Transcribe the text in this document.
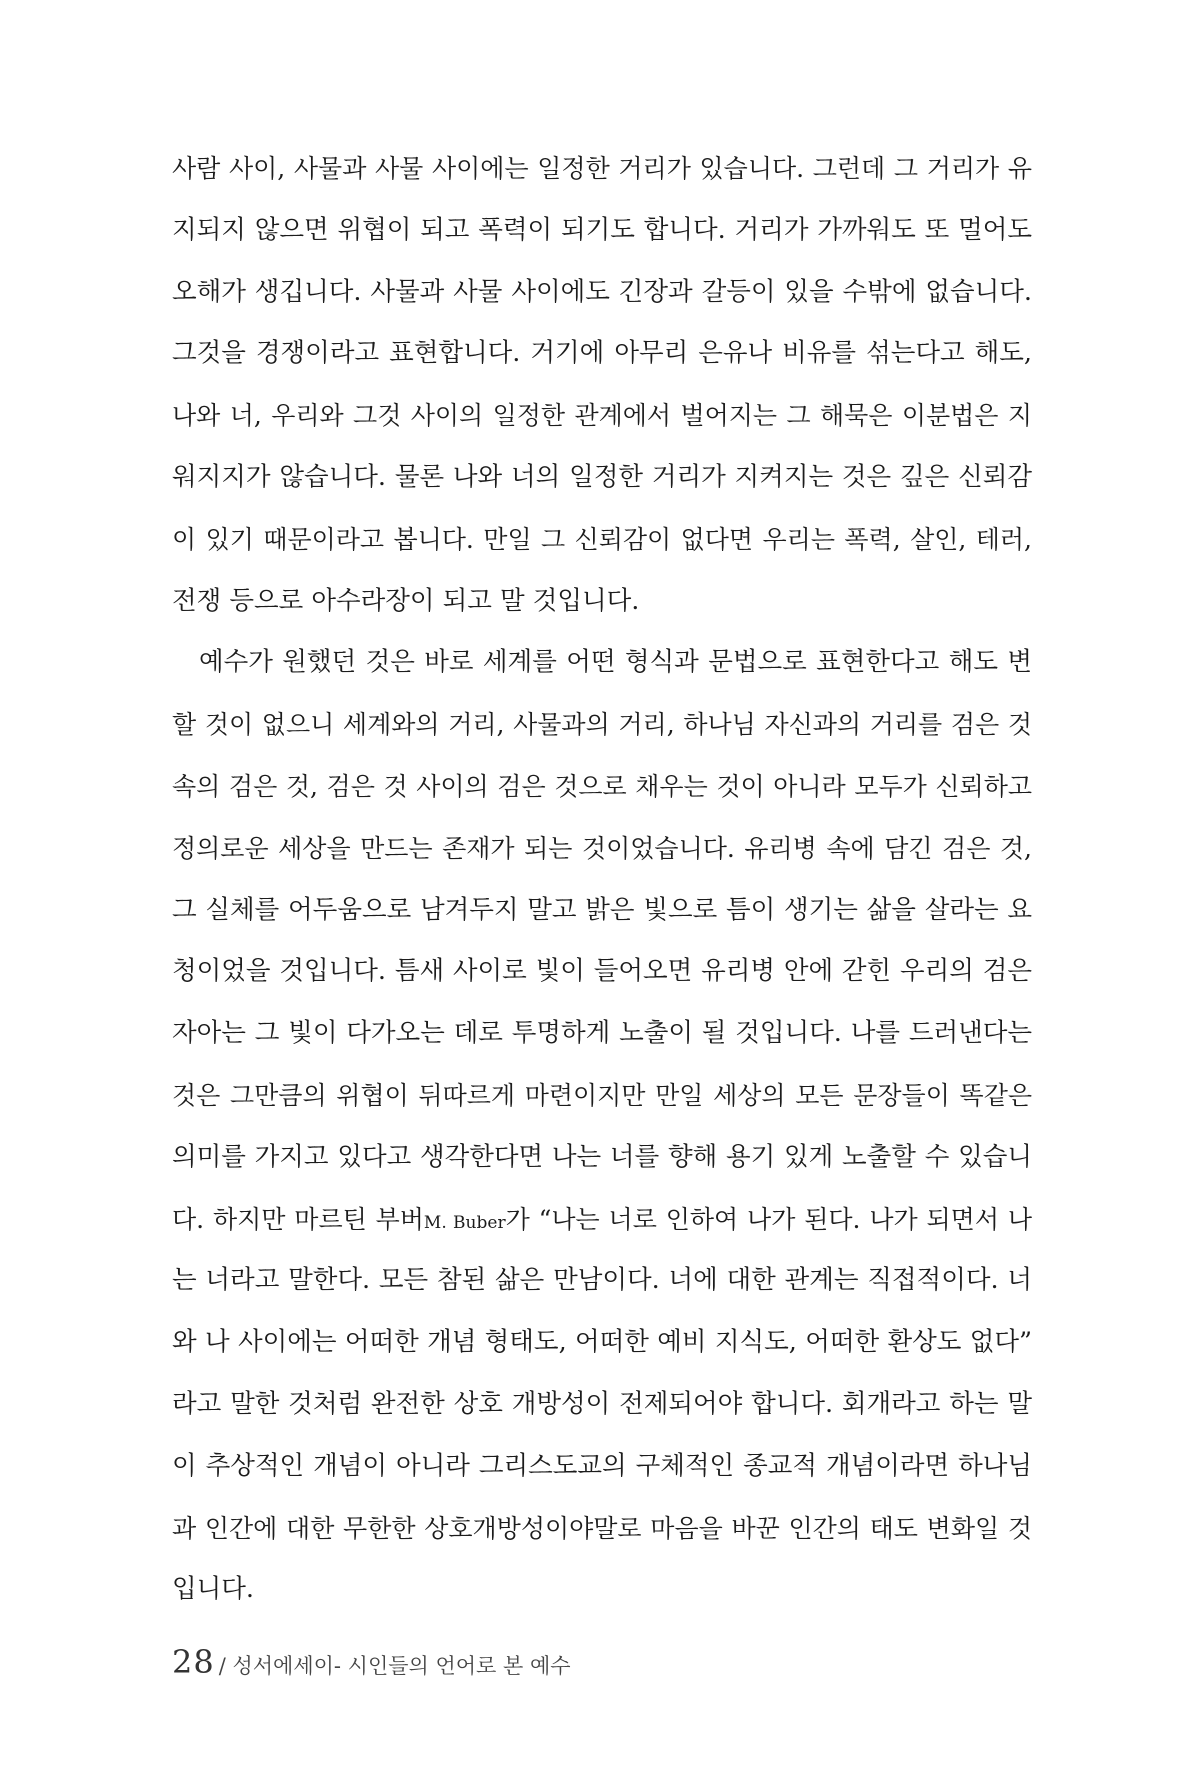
사람 사이, 사물과 사물 사이에는 일정한 거리가 있습니다. 그런데 그 거리가 유
지되지 않으면 위협이 되고 폭력이 되기도 합니다. 거리가 가까워도 또 멀어도
오해가 생깁니다. 사물과 사물 사이에도 긴장과 갈등이 있을 수밖에 없습니다.
그것을 경쟁이라고 표현합니다. 거기에 아무리 은유나 비유를 섞는다고 해도,
나와 너, 우리와 그것 사이의 일정한 관계에서 벌어지는 그 해묵은 이분법은 지
워지지가 않습니다. 물론 나와 너의 일정한 거리가 지켜지는 것은 깊은 신뢰감
이 있기 때문이라고 봅니다. 만일 그 신뢰감이 없다면 우리는 폭력, 살인, 테러,
전쟁 등으로 아수라장이 되고 말 것입니다.
예수가 원했던 것은 바로 세계를 어떤 형식과 문법으로 표현한다고 해도 변
할 것이 없으니 세계와의 거리, 사물과의 거리, 하나님 자신과의 거리를 검은 것
속의 검은 것, 검은 것 사이의 검은 것으로 채우는 것이 아니라 모두가 신뢰하고
정의로운 세상을 만드는 존재가 되는 것이었습니다. 유리병 속에 담긴 검은 것,
그 실체를 어두움으로 남겨두지 말고 밝은 빛으로 틈이 생기는 삶을 살라는 요
청이었을 것입니다. 틈새 사이로 빛이 들어오면 유리병 안에 갇힌 우리의 검은
자아는 그 빛이 다가오는 데로 투명하게 노출이 될 것입니다. 나를 드러낸다는
것은 그만큼의 위협이 뒤따르게 마련이지만 만일 세상의 모든 문장들이 똑같은
의미를 가지고 있다고 생각한다면 나는 너를 향해 용기 있게 노출할 수 있습니
다. 하지만 마르틴 부버M. Buber가 “나는 너로 인하여 나가 된다. 나가 되면서 나
는 너라고 말한다. 모든 참된 삶은 만남이다. 너에 대한 관계는 직접적이다. 너
와 나 사이에는 어떠한 개념 형태도, 어떠한 예비 지식도, 어떠한 환상도 없다”
라고 말한 것처럼 완전한 상호 개방성이 전제되어야 합니다. 회개라고 하는 말
이 추상적인 개념이 아니라 그리스도교의 구체적인 종교적 개념이라면 하나님
과 인간에 대한 무한한 상호개방성이야말로 마음을 바꾼 인간의 태도 변화일 것
입니다.
28 / 성서에세이- 시인들의 언어로 본 예수
